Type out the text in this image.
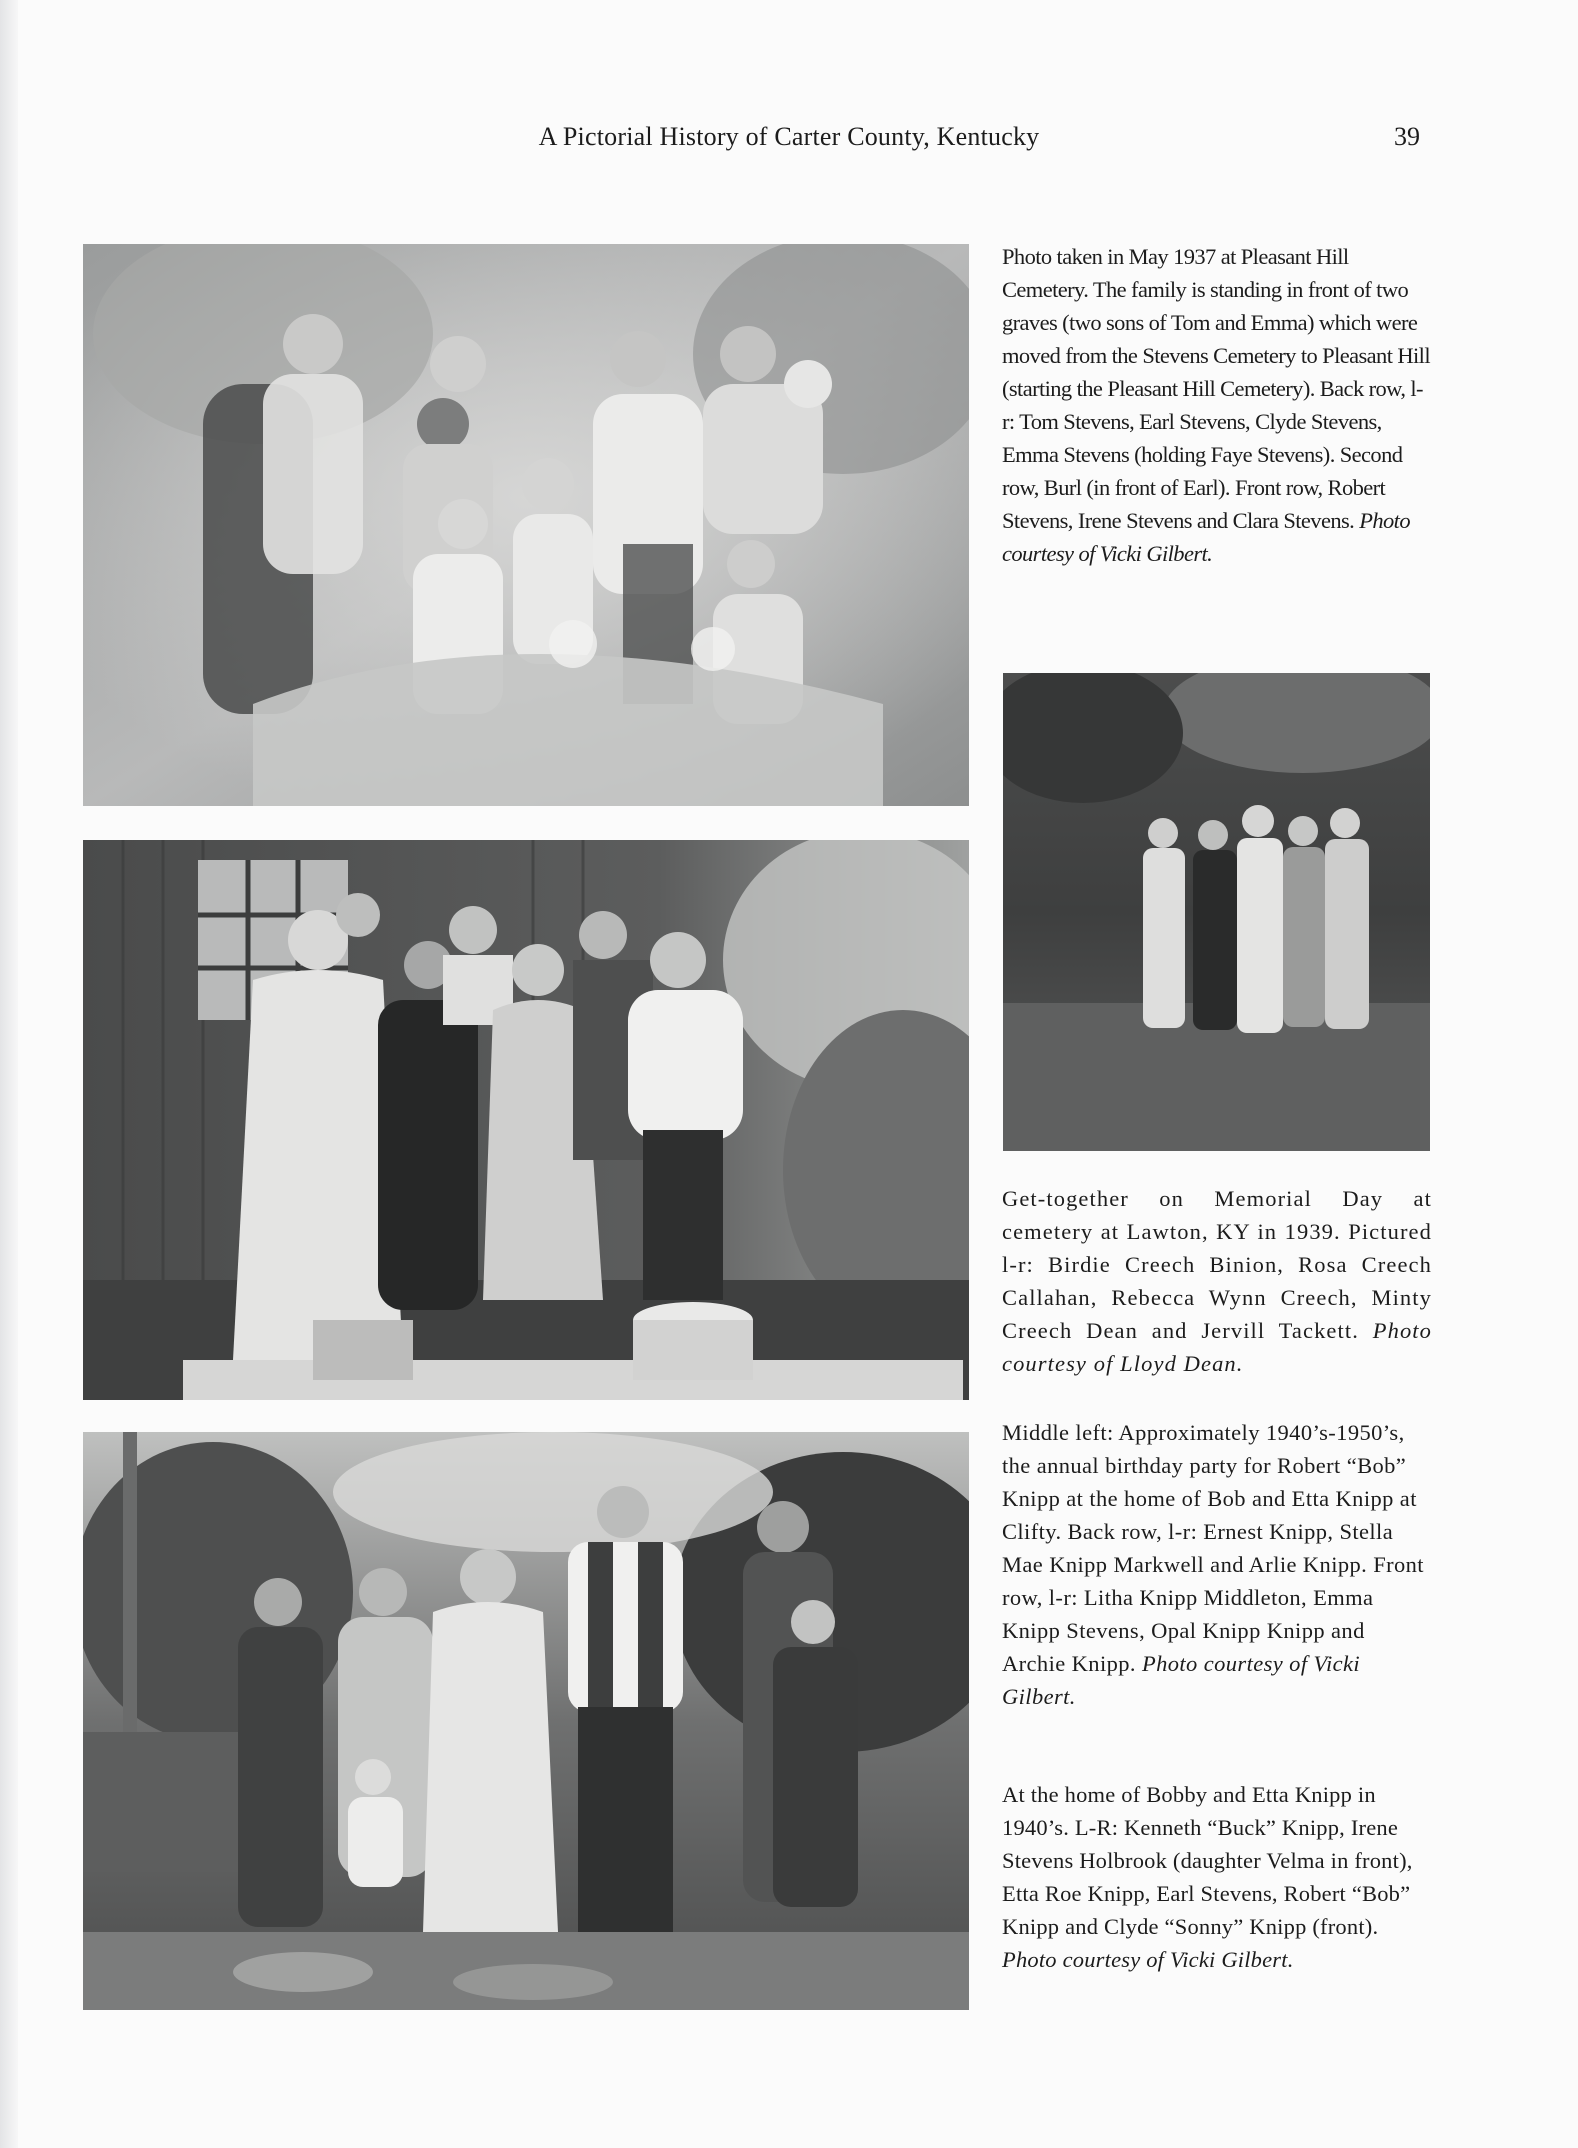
A Pictorial History of Carter County, Kentucky	39
Photo taken in May 1937 at Pleasant Hill Cemetery. The family is standing in front of two graves (two sons of Tom and Emma) which were moved from the Stevens Cemetery to Pleasant Hill (starting the Pleasant Hill Cemetery). Back row, l-r: Tom Stevens, Earl Stevens, Clyde Stevens, Emma Stevens (holding Faye Stevens). Second row, Burl (in front of Earl). Front row, Robert Stevens, Irene Stevens and Clara Stevens. Photo courtesy of Vicki Gilbert.
Get-together on Memorial Day at cemetery at Lawton, KY in 1939. Pictured l-r: Birdie Creech Binion, Rosa Creech Callahan, Rebecca Wynn Creech, Minty Creech Dean and Jervill Tackett. Photo courtesy of Lloyd Dean.
Middle left: Approximately 1940’s-1950’s, the annual birthday party for Robert “Bob” Knipp at the home of Bob and Etta Knipp at Clifty. Back row, l-r: Ernest Knipp, Stella Mae Knipp Markwell and Arlie Knipp. Front row, l-r: Litha Knipp Middleton, Emma Knipp Stevens, Opal Knipp Knipp and Archie Knipp. Photo courtesy of Vicki Gilbert.
At the home of Bobby and Etta Knipp in 1940’s. L-R: Kenneth “Buck” Knipp, Irene Stevens Holbrook (daughter Velma in front), Etta Roe Knipp, Earl Stevens, Robert “Bob” Knipp and Clyde “Sonny” Knipp (front). Photo courtesy of Vicki Gilbert.
